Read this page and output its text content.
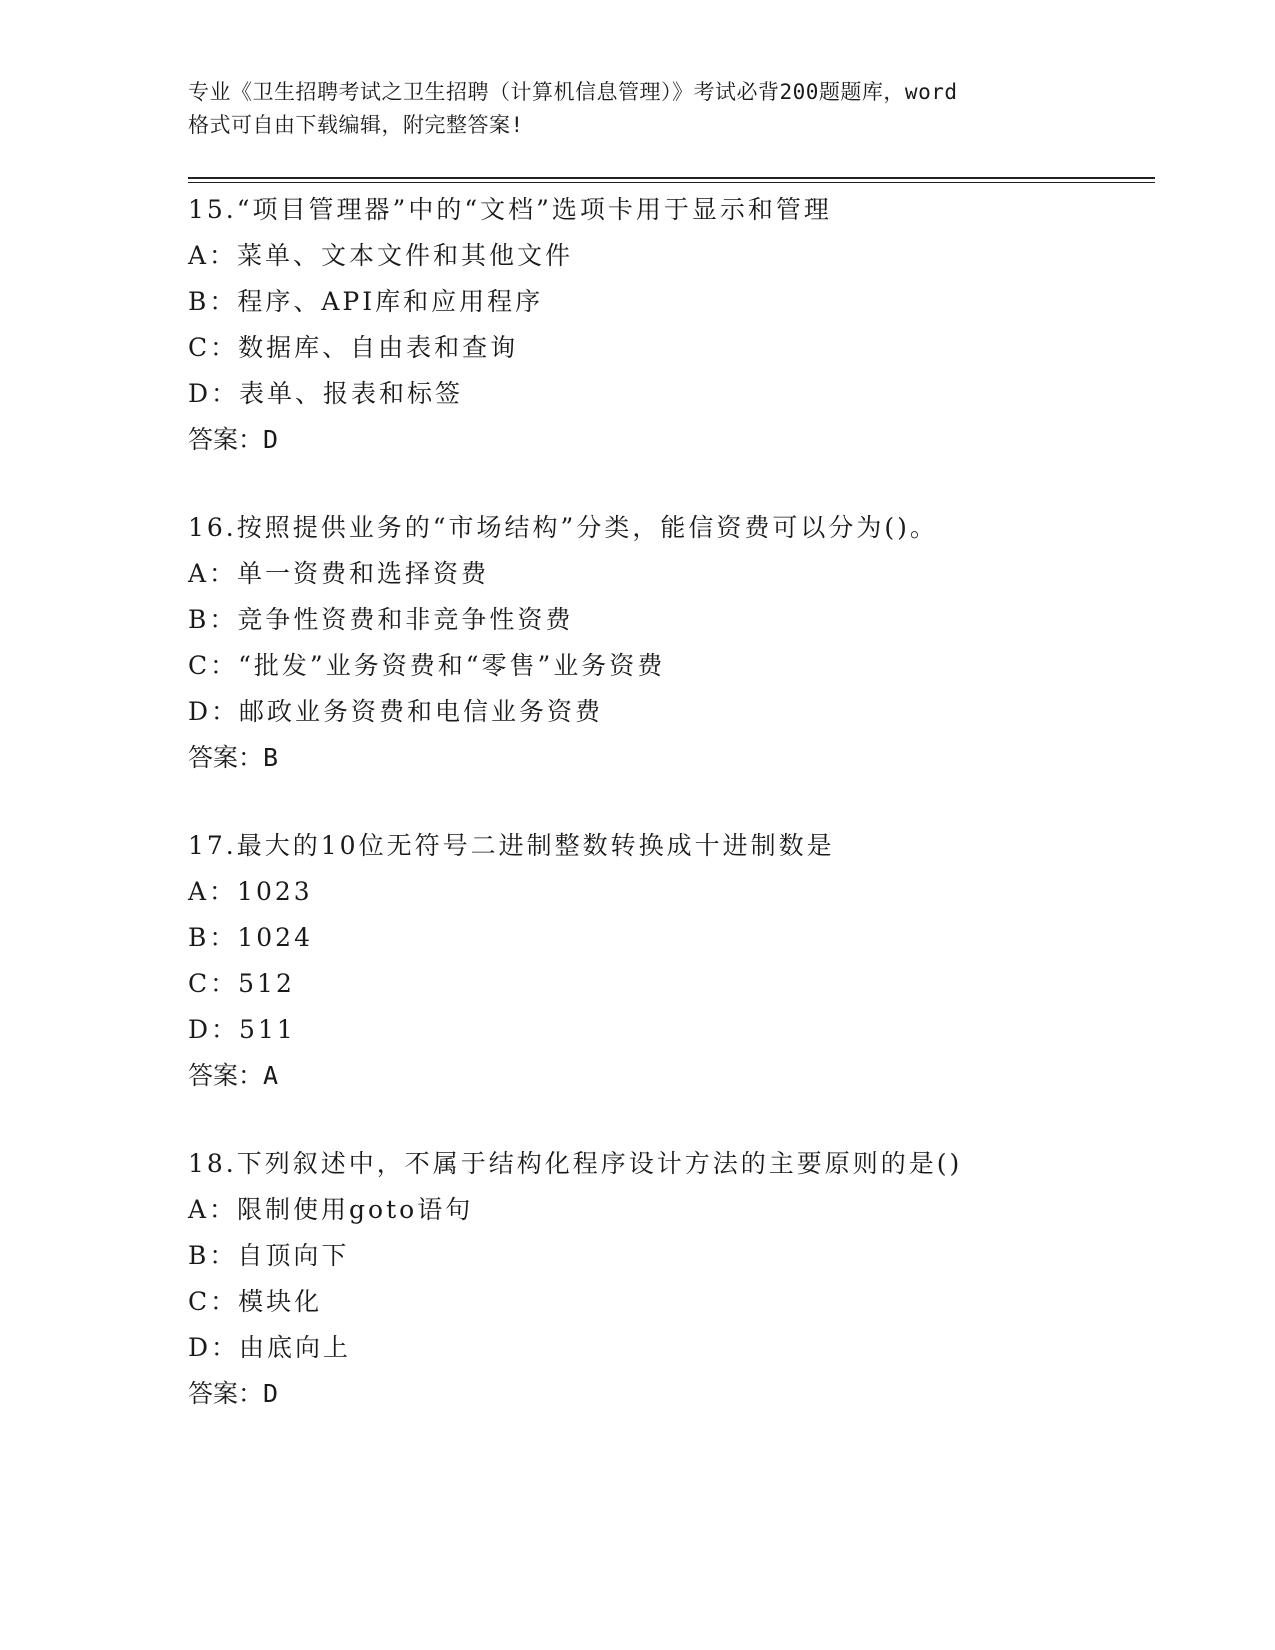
专业《卫生招聘考试之卫生招聘（计算机信息管理）》考试必背200题题库，word
格式可自由下载编辑，附完整答案!
15.“项目管理器”中的“文档”选项卡用于显示和管理
A：菜单、文本文件和其他文件
B：程序、API库和应用程序
C：数据库、自由表和查询
D：表单、报表和标签
答案：D
16.按照提供业务的“市场结构”分类，能信资费可以分为()。
A：单一资费和选择资费
B：竞争性资费和非竞争性资费
C：“批发”业务资费和“零售”业务资费
D：邮政业务资费和电信业务资费
答案：B
17.最大的10位无符号二进制整数转换成十进制数是
A：1023
B：1024
C：512
D：511
答案：A
18.下列叙述中，不属于结构化程序设计方法的主要原则的是()
A：限制使用goto语句
B：自顶向下
C：模块化
D：由底向上
答案：D
